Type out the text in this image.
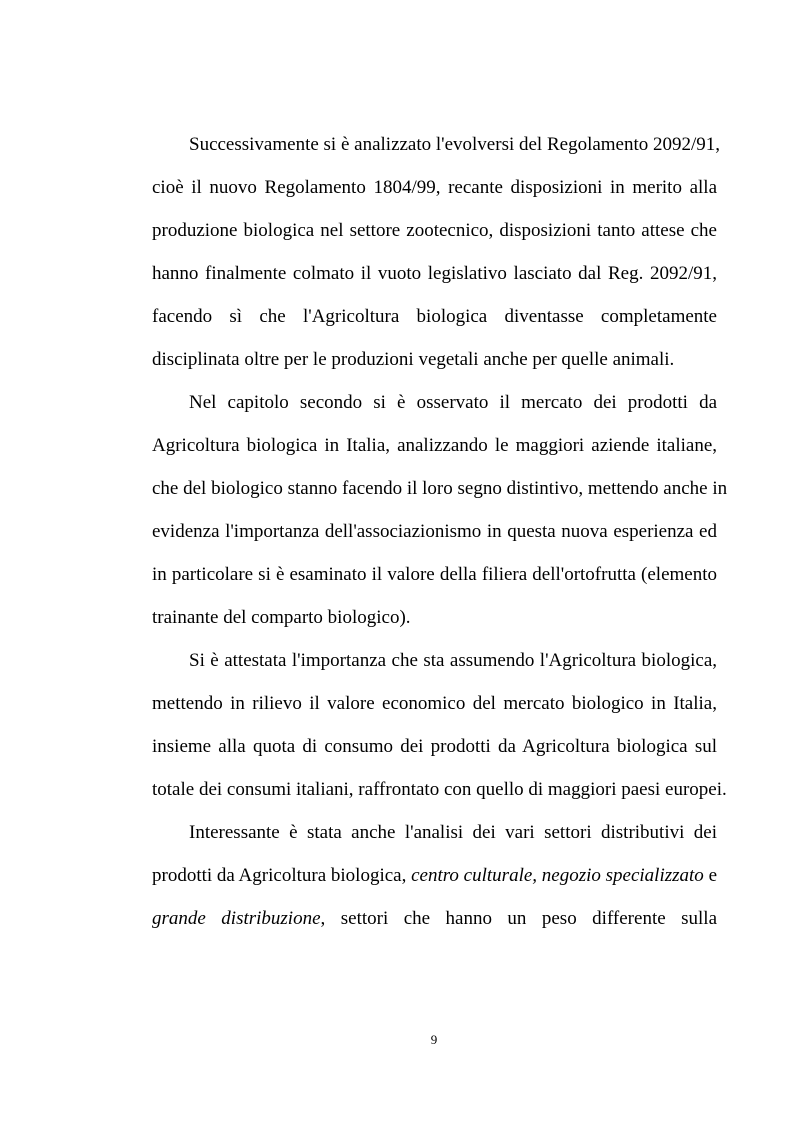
Successivamente si è analizzato l'evolversi del Regolamento 2092/91,
cioè il nuovo Regolamento 1804/99, recante disposizioni in merito alla
produzione biologica nel settore zootecnico, disposizioni tanto attese che
hanno finalmente colmato il vuoto legislativo lasciato dal Reg. 2092/91,
facendo sì che l'Agricoltura biologica diventasse completamente
disciplinata oltre per le produzioni vegetali anche per quelle animali.
Nel capitolo secondo si è osservato il mercato dei prodotti da
Agricoltura biologica in Italia, analizzando le maggiori aziende italiane,
che del biologico stanno facendo il loro segno distintivo, mettendo anche in
evidenza l'importanza dell'associazionismo in questa nuova esperienza ed
in particolare si è esaminato il valore della filiera dell'ortofrutta (elemento
trainante del comparto biologico).
Si è attestata l'importanza che sta assumendo l'Agricoltura biologica,
mettendo in rilievo il valore economico del mercato biologico in Italia,
insieme alla quota di consumo dei prodotti da Agricoltura biologica sul
totale dei consumi italiani, raffrontato con quello di maggiori paesi europei.
Interessante è stata anche l'analisi dei vari settori distributivi dei
prodotti da Agricoltura biologica, centro culturale, negozio specializzato e
grande distribuzione, settori che hanno un peso differente sulla
9
